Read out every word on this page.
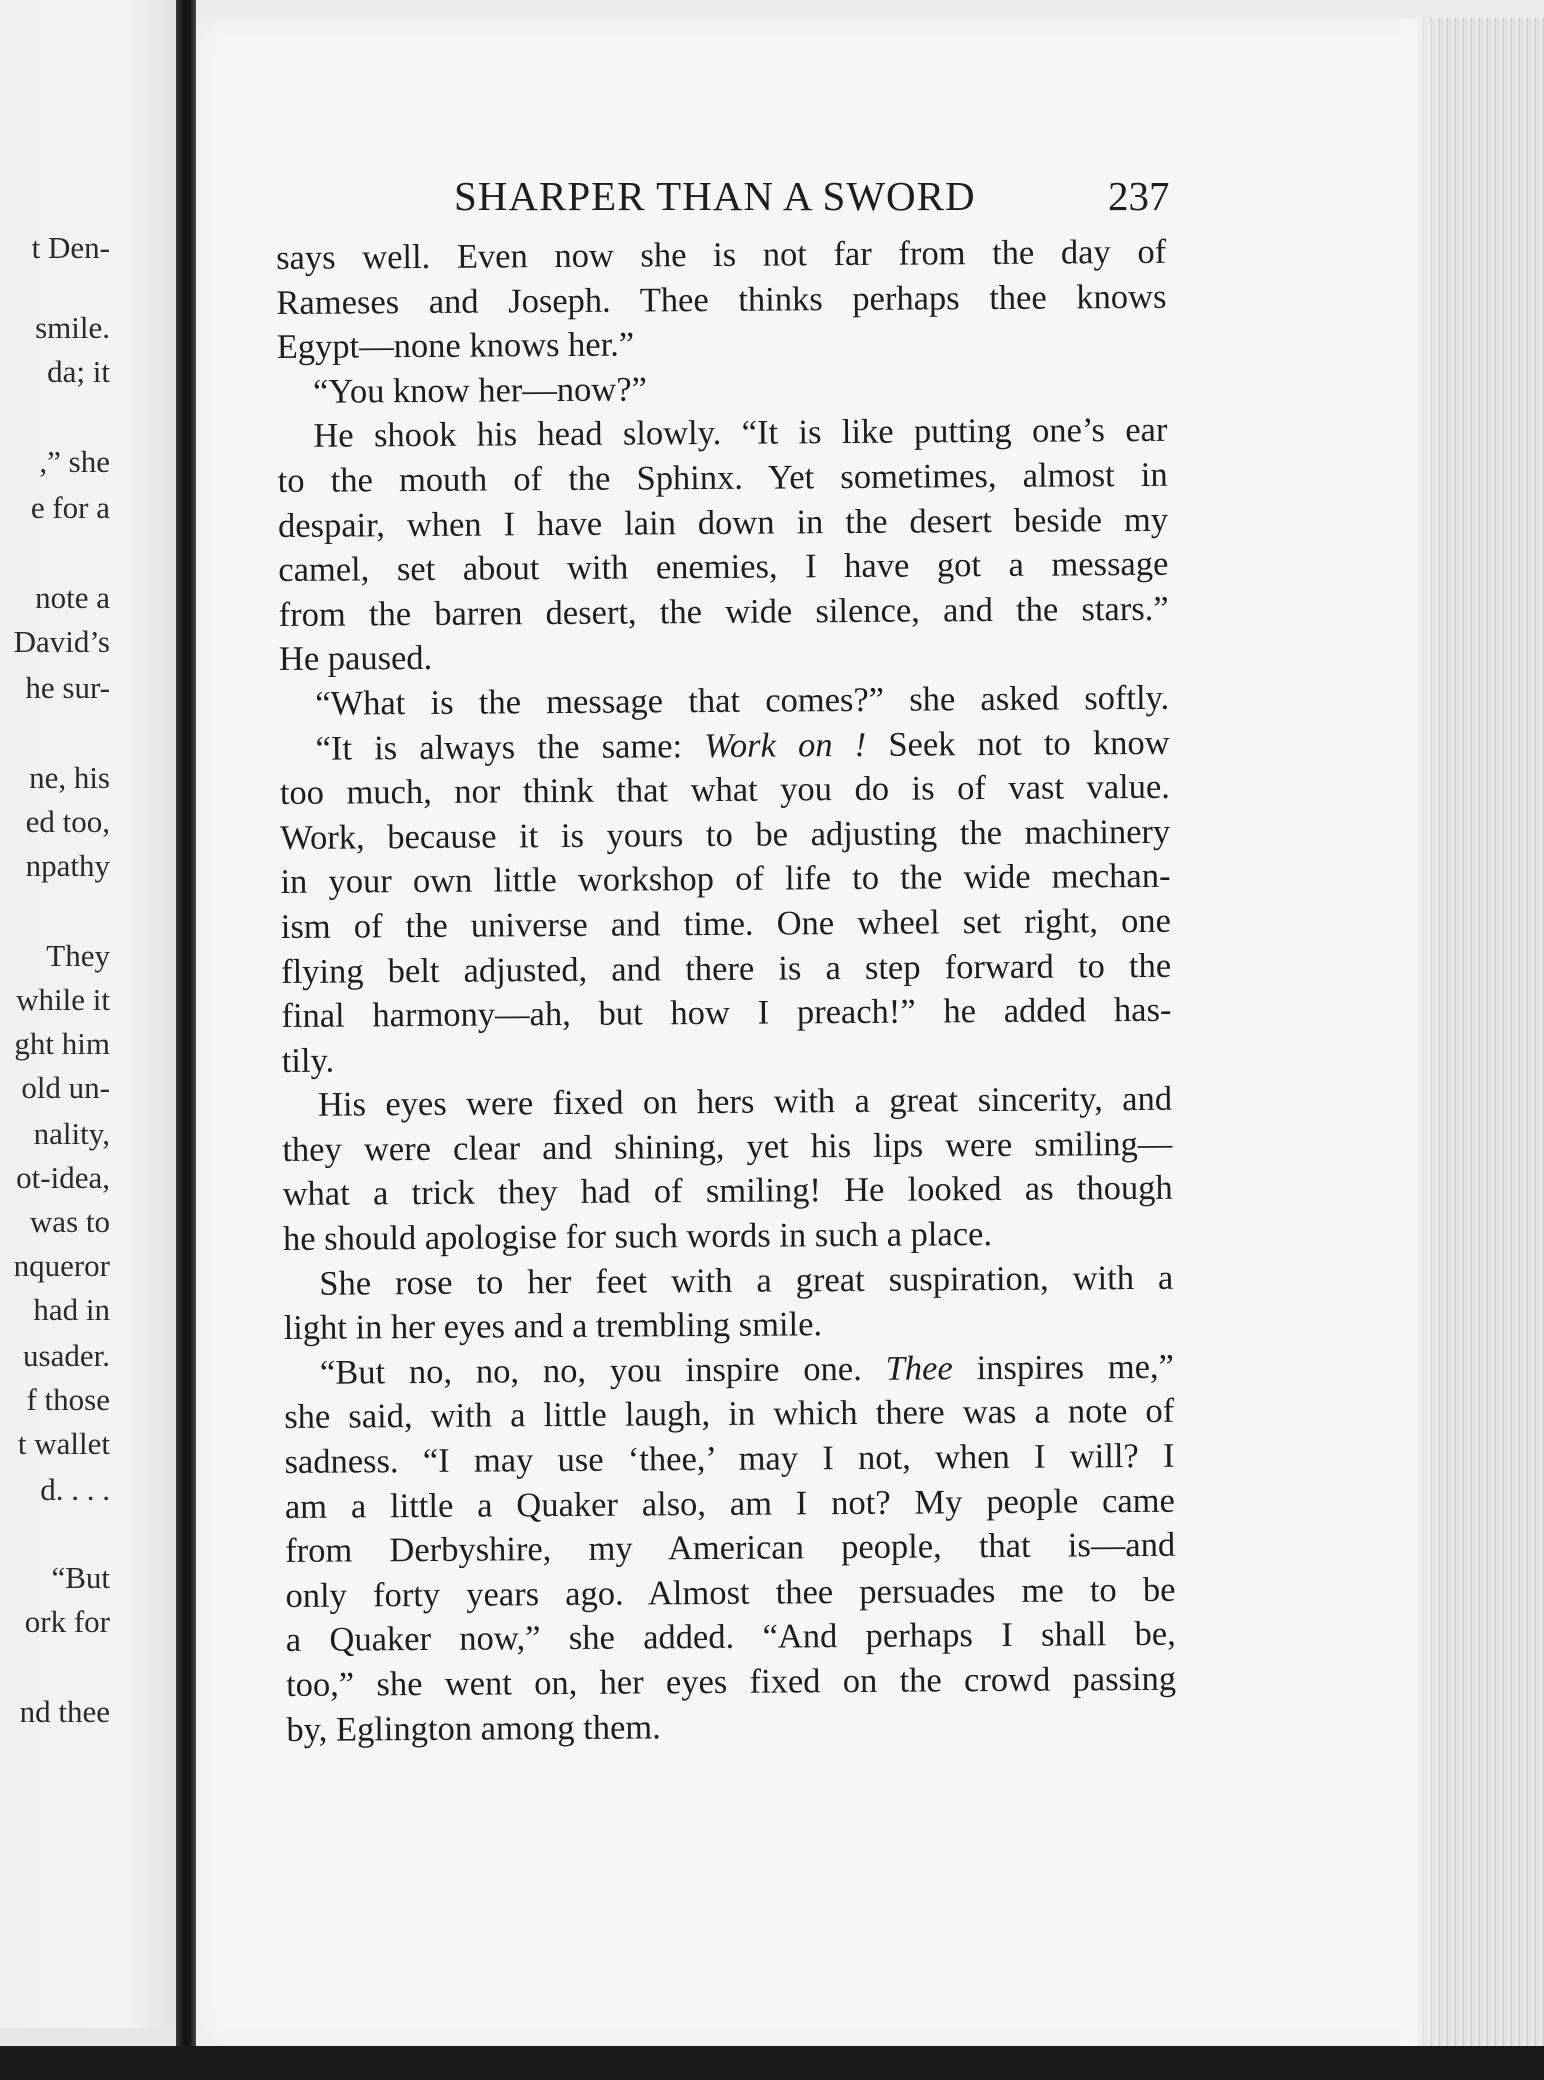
t Den-
smile.
da; it
,” she
e for a
note a
David’s
he sur-
ne, his
ed too,
npathy
They
while it
ght him
old un-
nality,
ot-idea,
was to
nqueror
had in
usader.
f those
t wallet
d. . . .
“But
ork for
nd thee
SHARPER THAN A SWORD	237
says well. Even now she is not far from the day of
Rameses and Joseph. Thee thinks perhaps thee knows
Egypt—none knows her.”
“You know her—now?”
He shook his head slowly. “It is like putting one’s ear
to the mouth of the Sphinx. Yet sometimes, almost in
despair, when I have lain down in the desert beside my
camel, set about with enemies, I have got a message
from the barren desert, the wide silence, and the stars.”
He paused.
“What is the message that comes?” she asked softly.
“It is always the same: Work on ! Seek not to know
too much, nor think that what you do is of vast value.
Work, because it is yours to be adjusting the machinery
in your own little workshop of life to the wide mechan-
ism of the universe and time. One wheel set right, one
flying belt adjusted, and there is a step forward to the
final harmony—ah, but how I preach!” he added has-
tily.
His eyes were fixed on hers with a great sincerity, and
they were clear and shining, yet his lips were smiling—
what a trick they had of smiling! He looked as though
he should apologise for such words in such a place.
She rose to her feet with a great suspiration, with a
light in her eyes and a trembling smile.
“But no, no, no, you inspire one. Thee inspires me,”
she said, with a little laugh, in which there was a note of
sadness. “I may use ‘thee,’ may I not, when I will? I
am a little a Quaker also, am I not? My people came
from Derbyshire, my American people, that is—and
only forty years ago. Almost thee persuades me to be
a Quaker now,” she added. “And perhaps I shall be,
too,” she went on, her eyes fixed on the crowd passing
by, Eglington among them.
